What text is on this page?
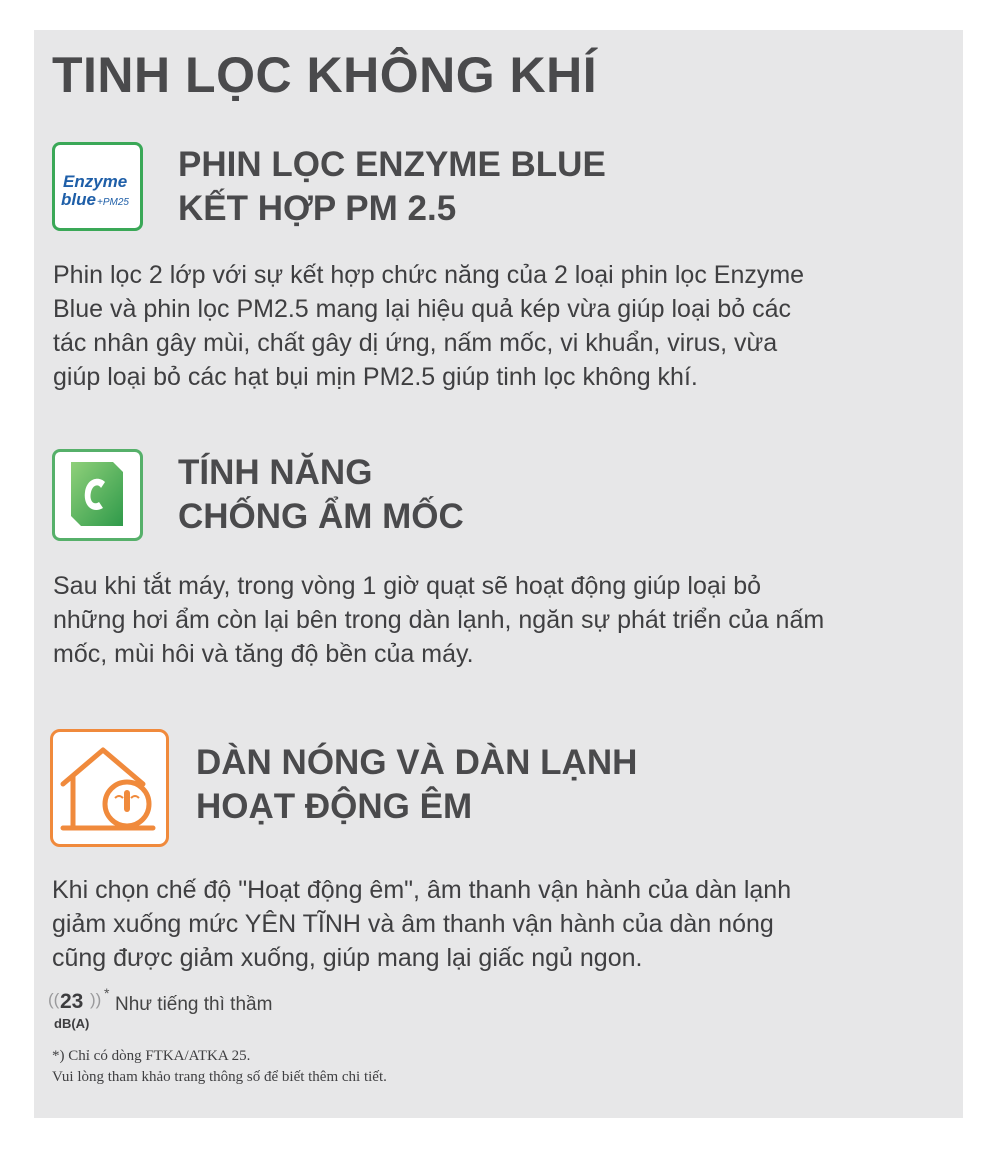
TINH LỌC KHÔNG KHÍ
Enzyme
blue +PM25
PHIN LỌC ENZYME BLUE
KẾT HỢP PM 2.5

Phin lọc 2 lớp với sự kết hợp chức năng của 2 loại phin lọc Enzyme
Blue và phin lọc PM2.5 mang lại hiệu quả kép vừa giúp loại bỏ các
tác nhân gây mùi, chất gây dị ứng, nấm mốc, vi khuẩn, virus, vừa
giúp loại bỏ các hạt bụi mịn PM2.5 giúp tinh lọc không khí.

TÍNH NĂNG
CHỐNG ẨM MỐC

Sau khi tắt máy, trong vòng 1 giờ quạt sẽ hoạt động giúp loại bỏ
những hơi ẩm còn lại bên trong dàn lạnh, ngăn sự phát triển của nấm
mốc, mùi hôi và tăng độ bền của máy.

DÀN NÓNG VÀ DÀN LẠNH
HOẠT ĐỘNG ÊM

Khi chọn chế độ "Hoạt động êm", âm thanh vận hành của dàn lạnh
giảm xuống mức YÊN TĨNH và âm thanh vận hành của dàn nóng
cũng được giảm xuống, giúp mang lại giấc ngủ ngon.

(( 23 )) *
dB(A)
Như tiếng thì thầm

*) Chỉ có dòng FTKA/ATKA 25.
Vui lòng tham khảo trang thông số để biết thêm chi tiết.
